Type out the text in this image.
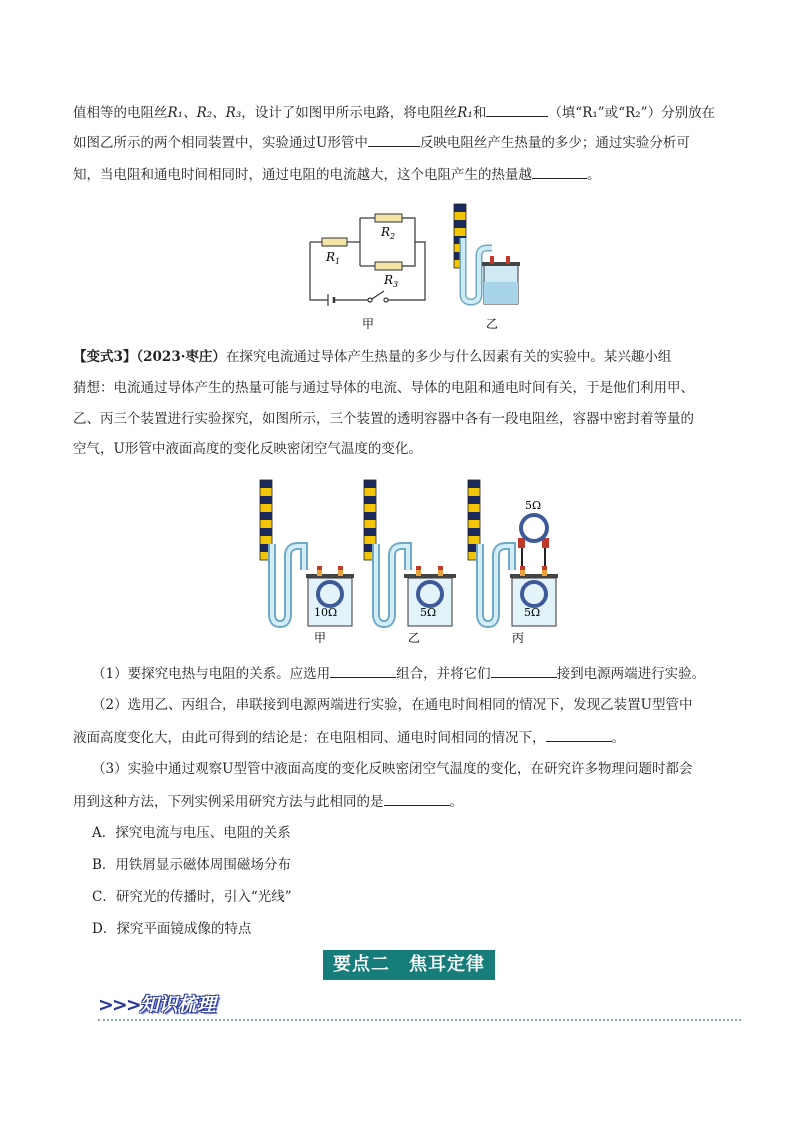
值相等的电阻丝R₁、R₂、R₃，设计了如图甲所示电路，将电阻丝R₁和	（填“R₁”或“R₂”）分别放在
如图乙所示的两个相同装置中，实验通过U形管中	反映电阻丝产生热量的多少；通过实验分析可
知，当电阻和通电时间相同时，通过电阻的电流越大，这个电阻产生的热量越	。
$R_1$
$R_2$
$R_3$
甲	乙
【变式3】（2023·枣庄）在探究电流通过导体产生热量的多少与什么因素有关的实验中。某兴趣小组
猜想：电流通过导体产生的热量可能与通过导体的电流、导体的电阻和通电时间有关，于是他们利用甲、
乙、丙三个装置进行实验探究，如图所示，三个装置的透明容器中各有一段电阻丝，容器中密封着等量的
空气，U形管中液面高度的变化反映密闭空气温度的变化。
10Ω
甲
5Ω
乙
5Ω
5Ω
丙
（1）要探究电热与电阻的关系。应选用	组合，并将它们	接到电源两端进行实验。
（2）选用乙、丙组合，串联接到电源两端进行实验，在通电时间相同的情况下，发现乙装置U型管中
液面高度变化大，由此可得到的结论是：在电阻相同、通电时间相同的情况下，	。
（3）实验中通过观察U型管中液面高度的变化反映密闭空气温度的变化，在研究许多物理问题时都会
用到这种方法，下列实例采用研究方法与此相同的是	。
A．探究电流与电压、电阻的关系
B．用铁屑显示磁体周围磁场分布
C．研究光的传播时，引入“光线”
D．探究平面镜成像的特点
要点二　焦耳定律
>>>知识梳理
